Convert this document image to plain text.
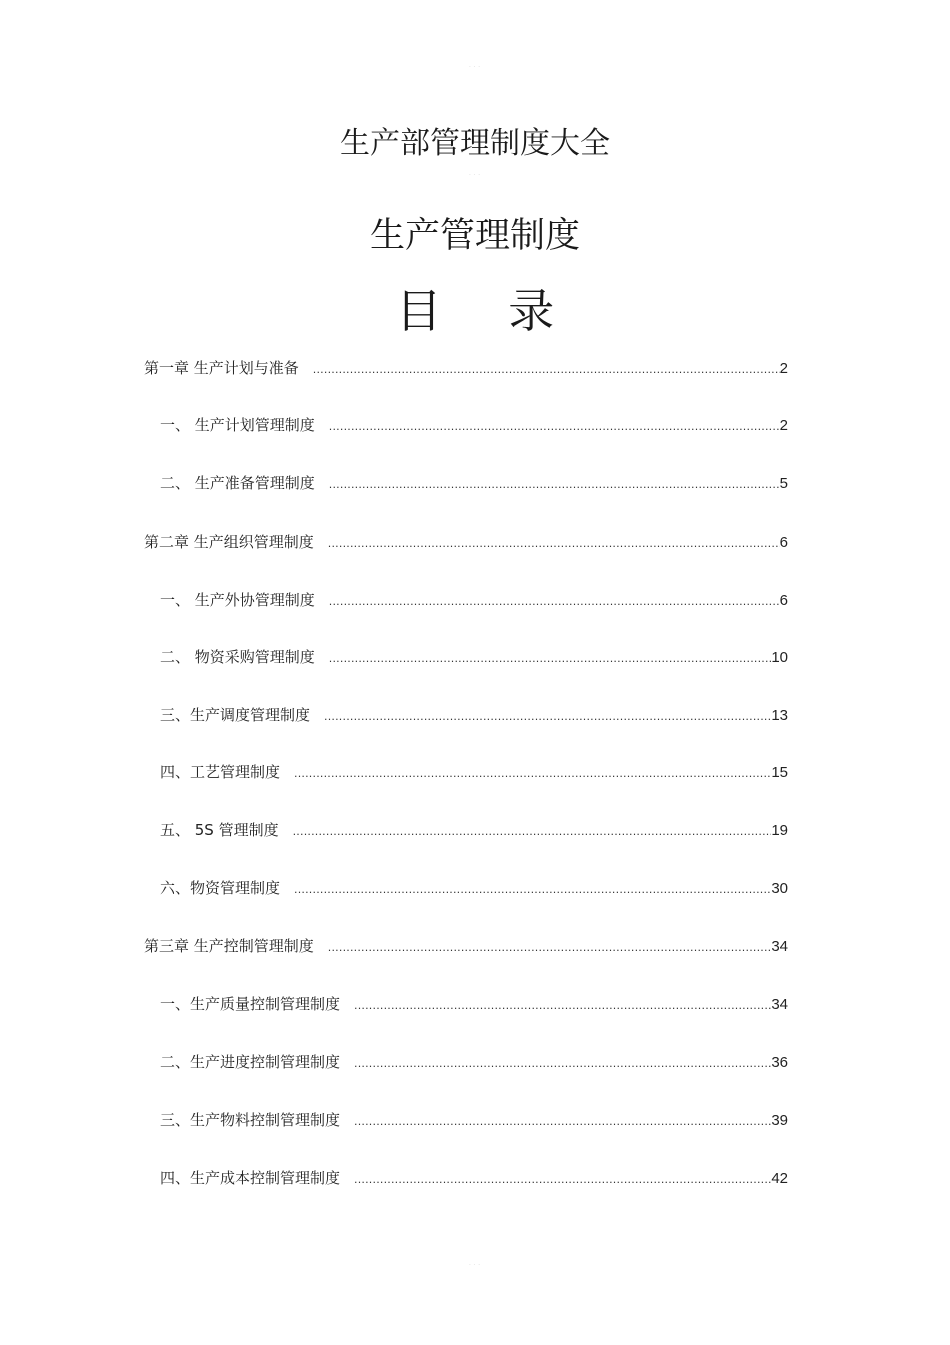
- - -
生产部管理制度大全
- - -
生产管理制度
目 录
第一章 生产计划与准备 .....	2
一、 生产计划管理制度 .....	2
二、 生产准备管理制度 .....	5
第二章 生产组织管理制度 .....	6
一、 生产外协管理制度 .....	6
二、 物资采购管理制度 .....	10
三、生产调度管理制度 .....	13
四、工艺管理制度 .....	15
五、 5S 管理制度 .....	19
六、物资管理制度 .....	30
第三章 生产控制管理制度 .....	34
一、生产质量控制管理制度 .....	34
二、生产进度控制管理制度 .....	36
三、生产物料控制管理制度 .....	39
四、生产成本控制管理制度 .....	42
- - -
